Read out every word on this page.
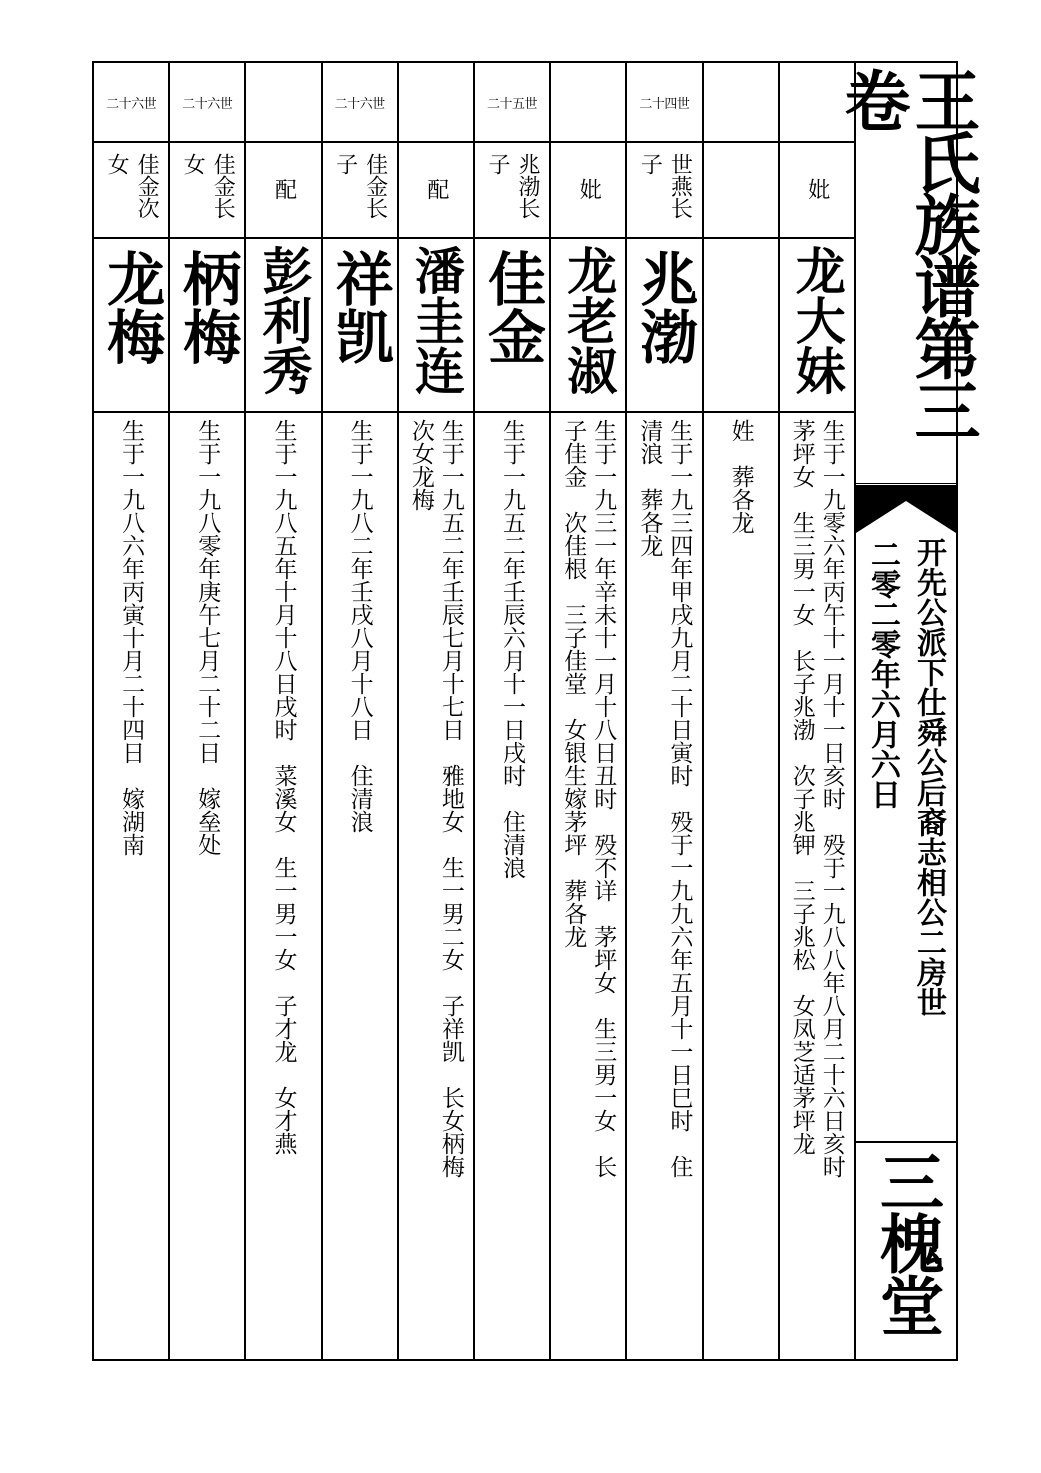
二十六世
佳金次女
龙梅
生于一九八六年丙寅十月二十四日　嫁湖南
二十六世
佳金长女
柄梅
生于一九八零年庚午七月二十二日　嫁垒处
配
彭利秀
生于一九八五年十月十八日戌时　菜溪女　生一男一女　子才龙　女才燕
二十六世
佳金长子
祥凯
生于一九八二年壬戌八月十八日　住清浪
配
潘圭连
生于一九五二年壬辰七月十七日　雅地女　生一男二女　子祥凯　长女柄梅
次女龙梅
二十五世
兆渤长子
佳金
生于一九五二年壬辰六月十一日戌时　住清浪
妣
龙老淑
生于一九三一年辛未十一月十八日丑时　殁不详　茅坪女　生三男一女　长
子佳金　次佳根　三子佳堂　女银生嫁茅坪　葬各龙
二十四世
世燕长子
兆渤
生于一九三四年甲戌九月二十日寅时　殁于一九九六年五月十一日巳时　住
清浪　葬各龙	姓　葬各龙
妣
龙大妹
生于一九零六年丙午十一月十一日亥时　殁于一九八八年八月二十六日亥时
茅坪女　生三男一女　长子兆渤　次子兆钾　三子兆松　女凤芝适茅坪龙
王氏族谱第三卷
开先公派下仕舜公后裔志相公二房世
二零二零年六月六日
三槐堂
